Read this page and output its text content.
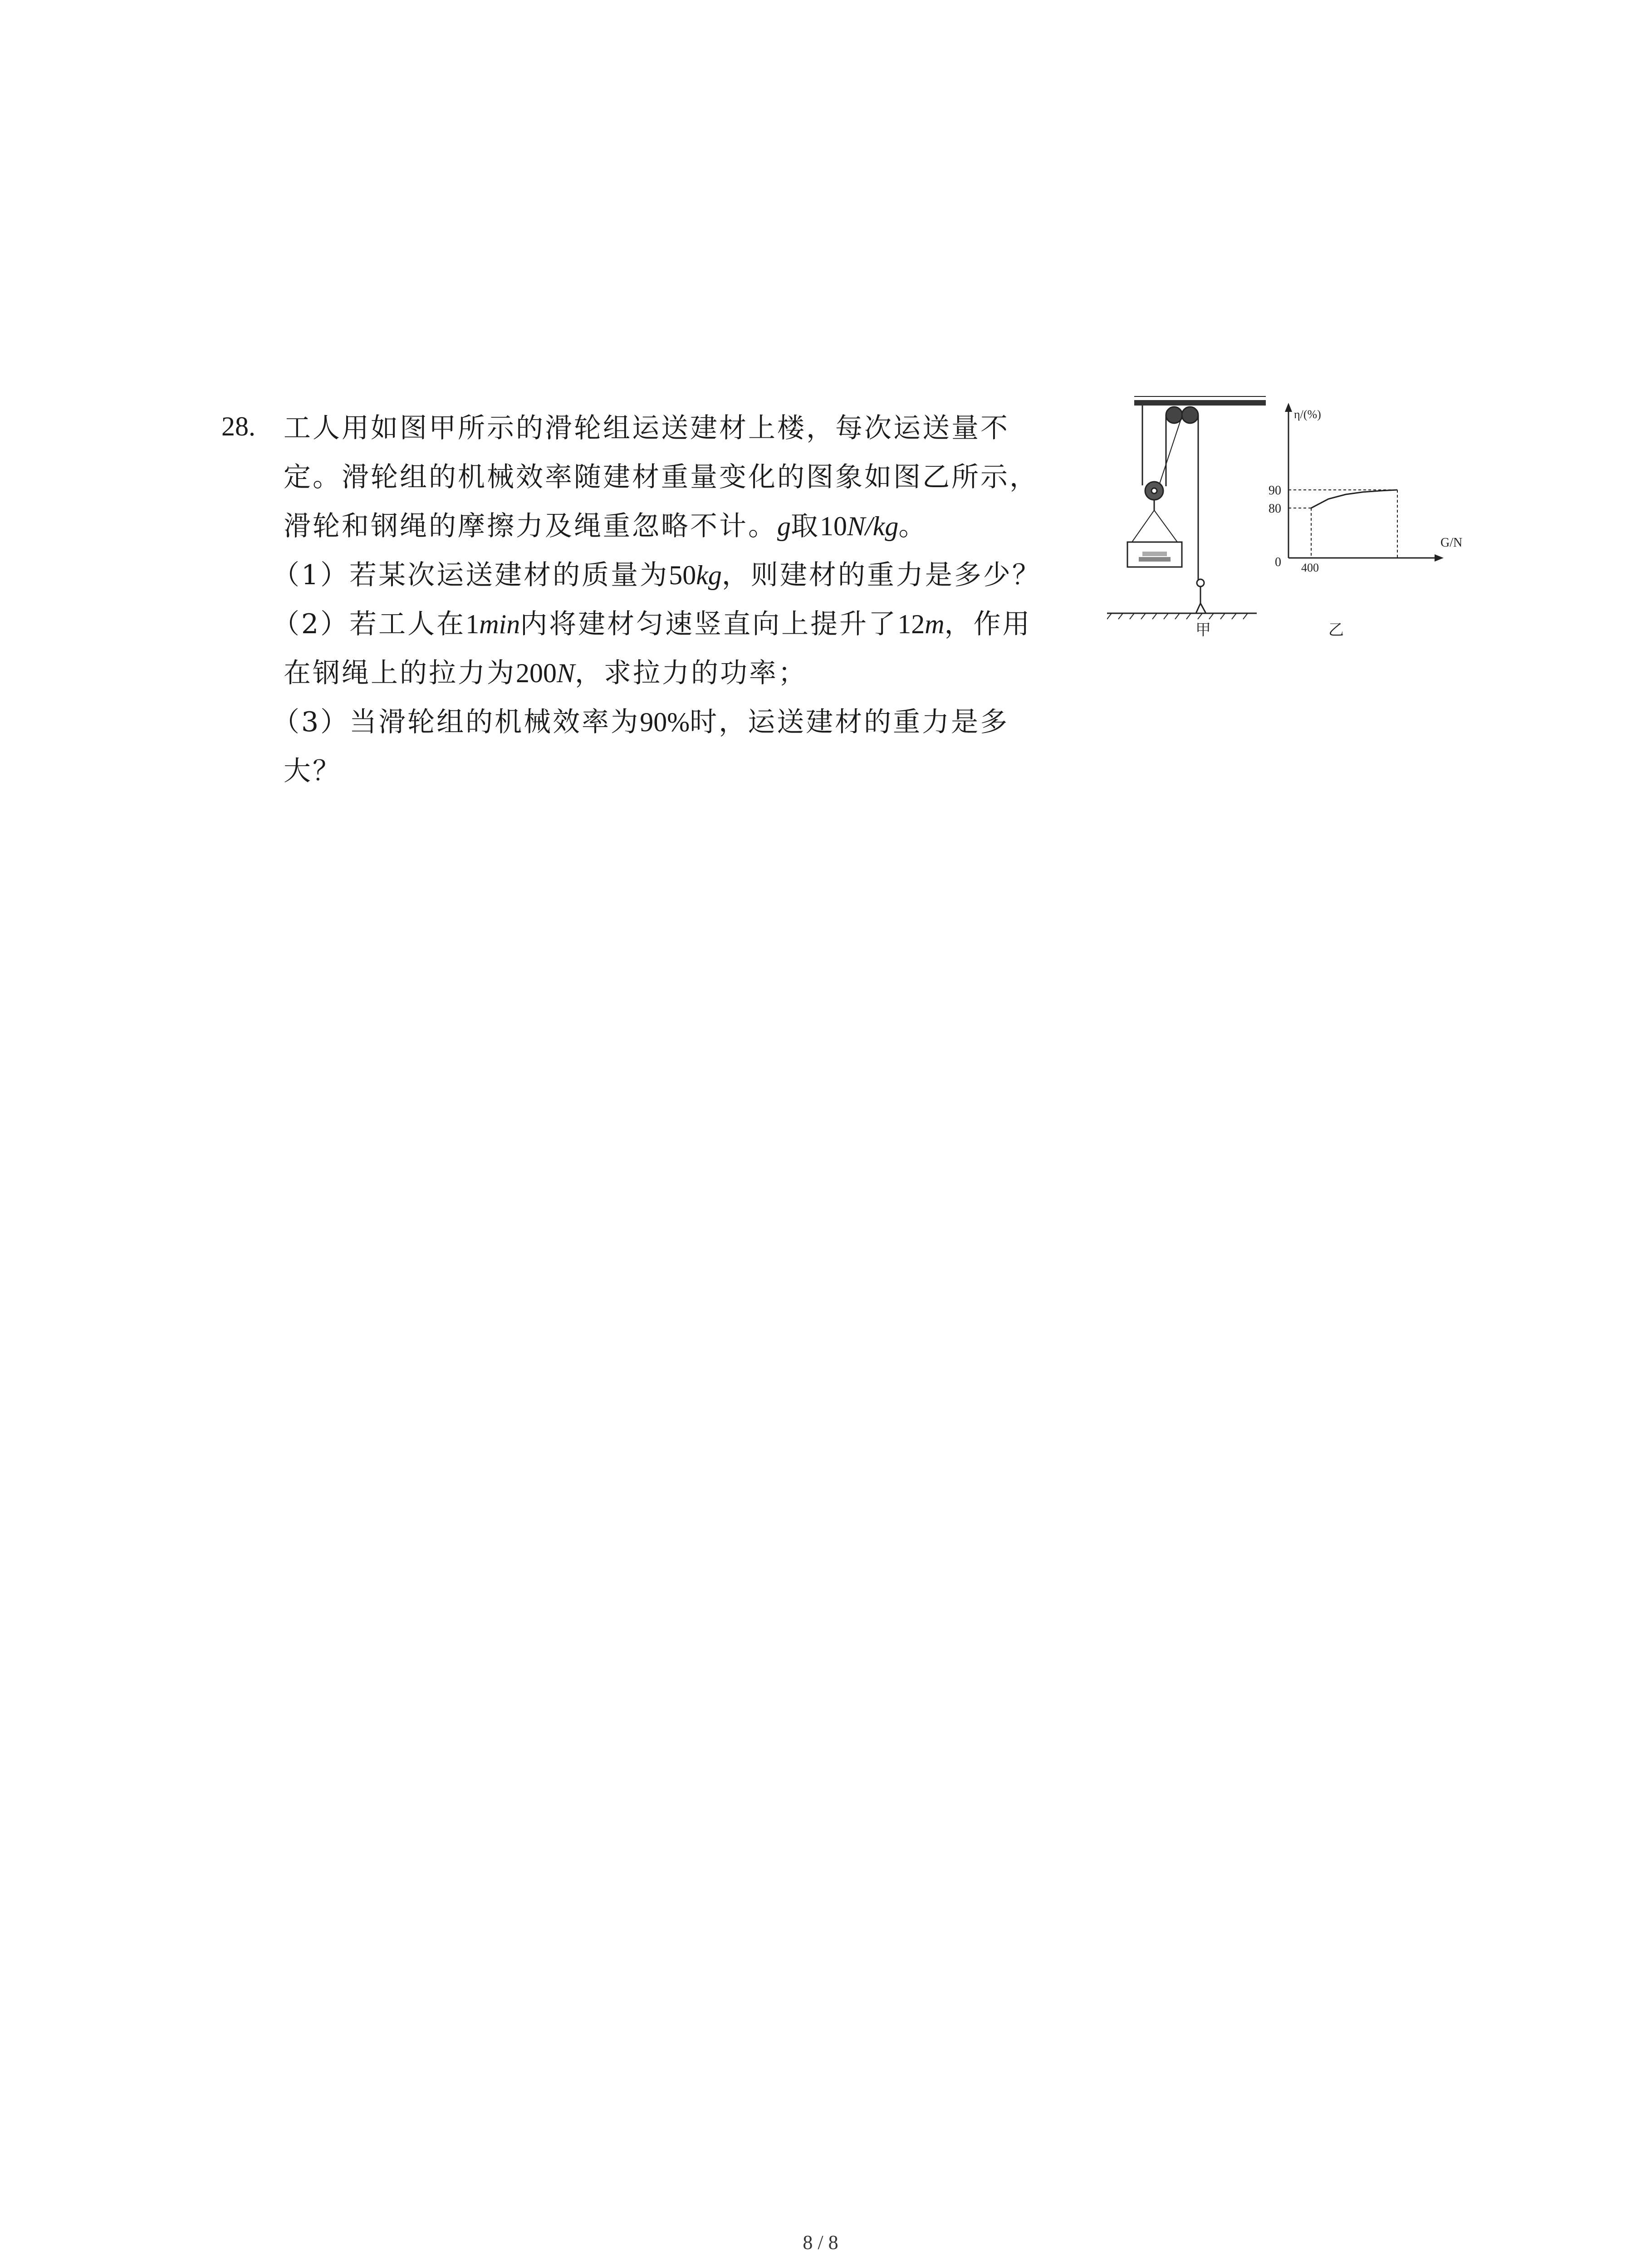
28. 工人用如图甲所示的滑轮组运送建材上楼，每次运送量不
定。滑轮组的机械效率随建材重量变化的图象如图乙所示，
滑轮和钢绳的摩擦力及绳重忽略不计。g取10N/kg。
（1）若某次运送建材的质量为50kg，则建材的重力是多少？
（2）若工人在1min内将建材匀速竖直向上提升了12m，作用
在钢绳上的拉力为200N，求拉力的功率；
（3）当滑轮组的机械效率为90%时，运送建材的重力是多
大？
甲
η/(%)
G/N
0
乙
80
90
400
8 / 8
